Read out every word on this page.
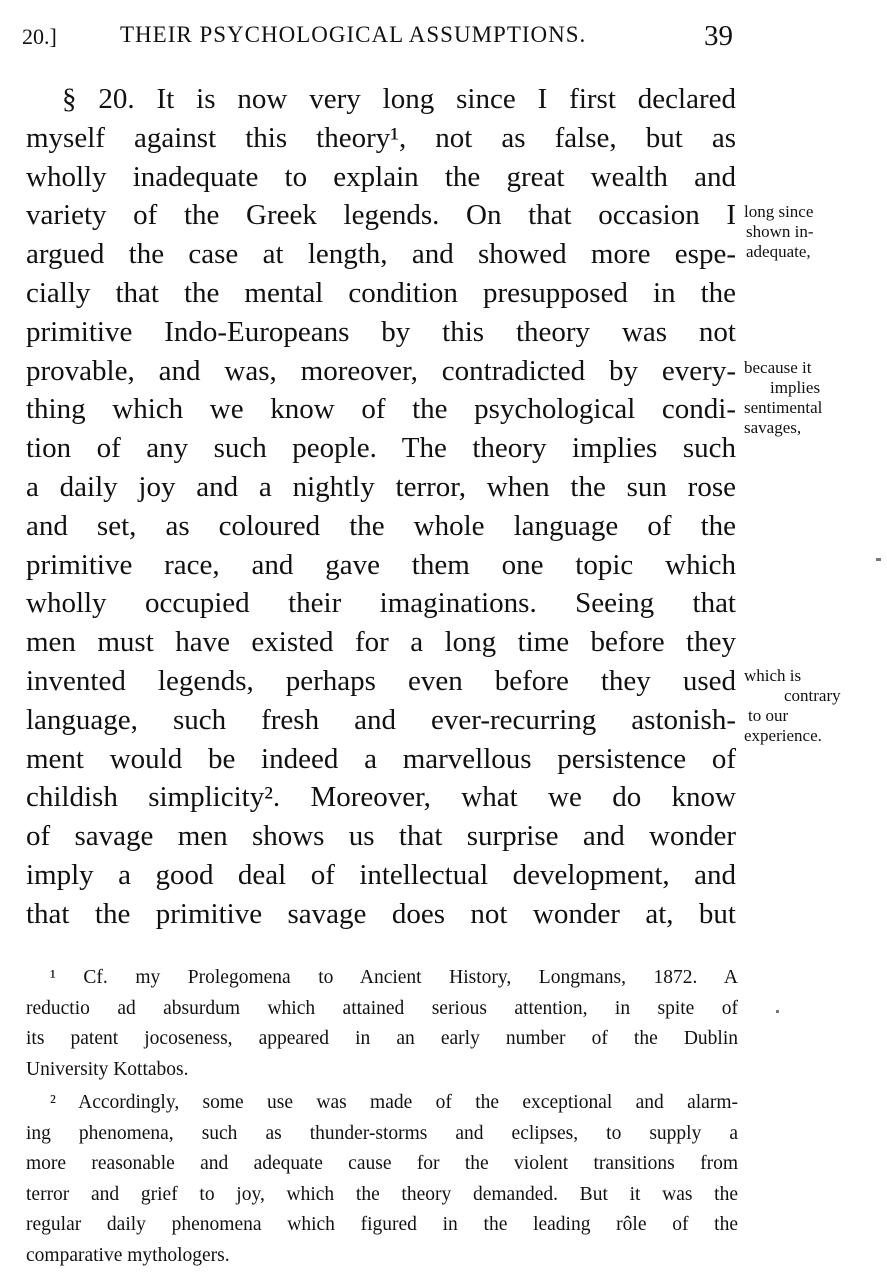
20.]	THEIR PSYCHOLOGICAL ASSUMPTIONS.	39
§ 20. It is now very long since I first declared
myself against this theory¹, not as false, but as
wholly inadequate to explain the great wealth and
variety of the Greek legends. On that occasion I
argued the case at length, and showed more espe-
cially that the mental condition presupposed in the
primitive Indo-Europeans by this theory was not
provable, and was, moreover, contradicted by every-
thing which we know of the psychological condi-
tion of any such people. The theory implies such
a daily joy and a nightly terror, when the sun rose
and set, as coloured the whole language of the
primitive race, and gave them one topic which
wholly occupied their imaginations. Seeing that
men must have existed for a long time before they
invented legends, perhaps even before they used
language, such fresh and ever-recurring astonish-
ment would be indeed a marvellous persistence of
childish simplicity². Moreover, what we do know
of savage men shows us that surprise and wonder
imply a good deal of intellectual development, and
that the primitive savage does not wonder at, but
long since
shown in-
adequate,
because it
implies
sentimental
savages,
which is
contrary
to our
experience.
¹ Cf. my Prolegomena to Ancient History, Longmans, 1872. A
reductio ad absurdum which attained serious attention, in spite of
its patent jocoseness, appeared in an early number of the Dublin
University Kottabos.
² Accordingly, some use was made of the exceptional and alarm-
ing phenomena, such as thunder-storms and eclipses, to supply a
more reasonable and adequate cause for the violent transitions from
terror and grief to joy, which the theory demanded. But it was the
regular daily phenomena which figured in the leading rôle of the
comparative mythologers.
